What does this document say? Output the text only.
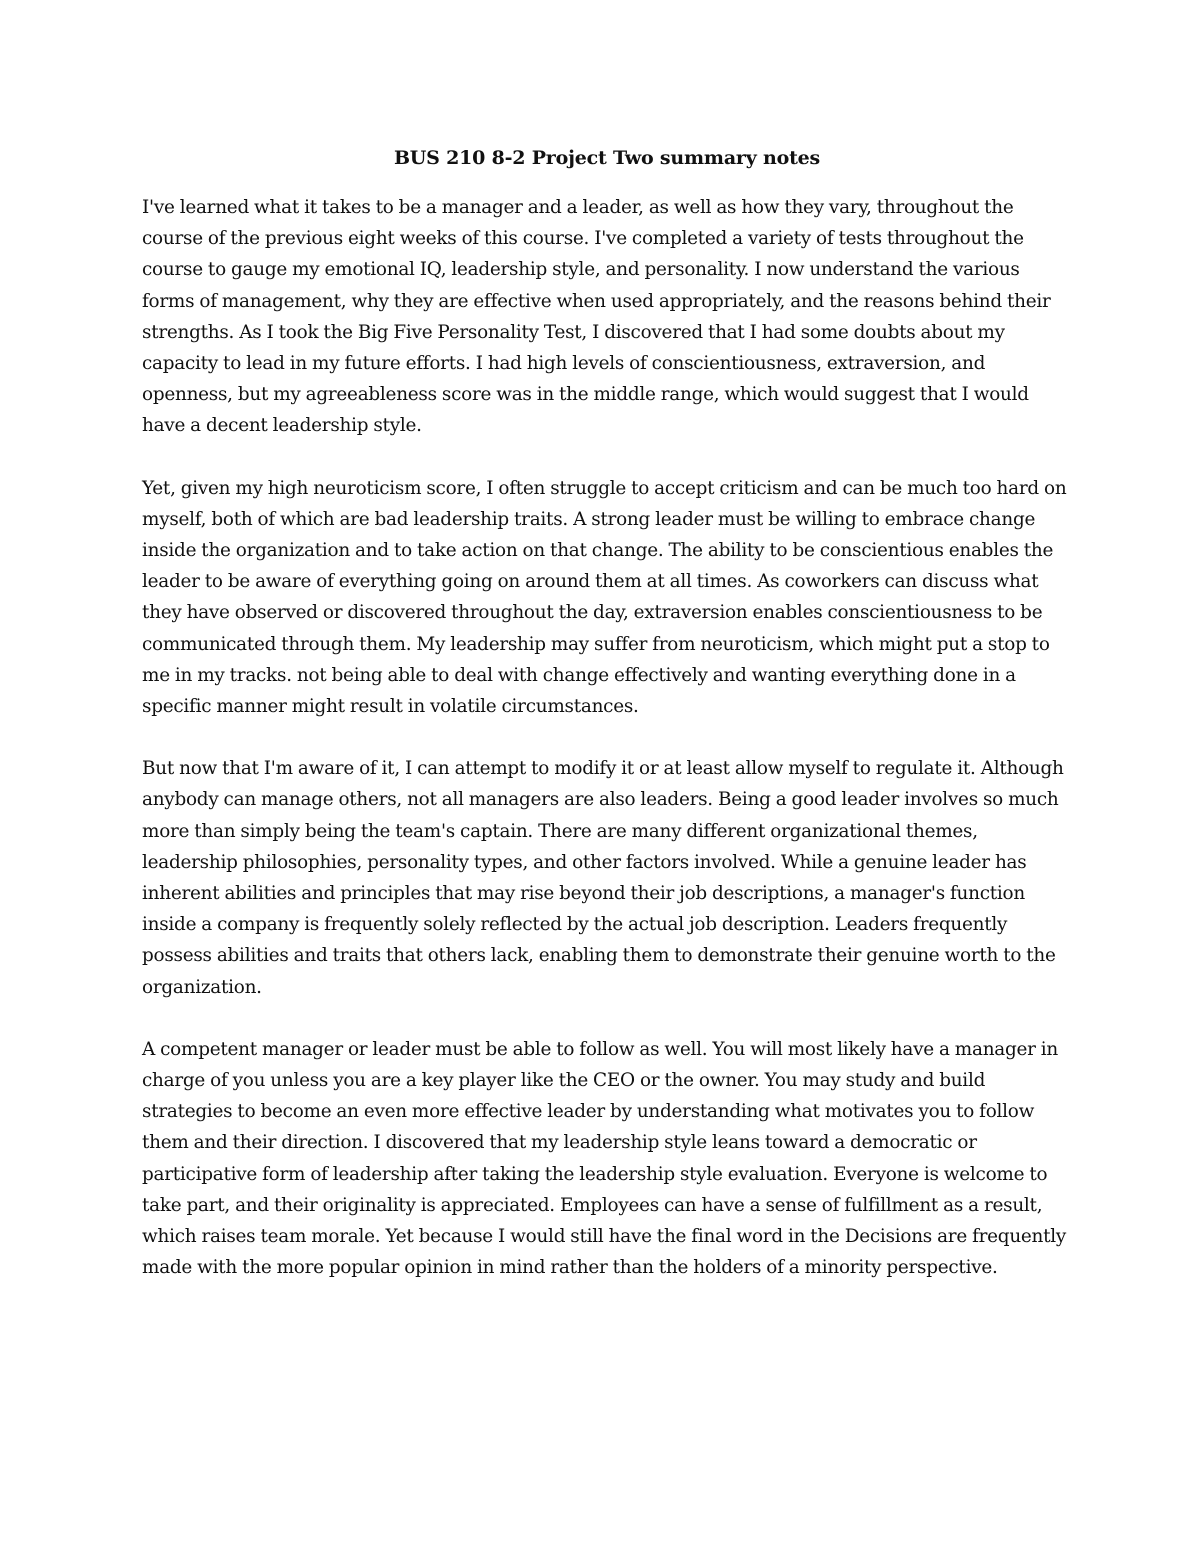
BUS 210 8-2 Project Two summary notes

I've learned what it takes to be a manager and a leader, as well as how they vary, throughout the course of the previous eight weeks of this course. I've completed a variety of tests throughout the course to gauge my emotional IQ, leadership style, and personality. I now understand the various forms of management, why they are effective when used appropriately, and the reasons behind their strengths. As I took the Big Five Personality Test, I discovered that I had some doubts about my capacity to lead in my future efforts. I had high levels of conscientiousness, extraversion, and openness, but my agreeableness score was in the middle range, which would suggest that I would have a decent leadership style.

Yet, given my high neuroticism score, I often struggle to accept criticism and can be much too hard on myself, both of which are bad leadership traits. A strong leader must be willing to embrace change inside the organization and to take action on that change. The ability to be conscientious enables the leader to be aware of everything going on around them at all times. As coworkers can discuss what they have observed or discovered throughout the day, extraversion enables conscientiousness to be communicated through them. My leadership may suffer from neuroticism, which might put a stop to me in my tracks. not being able to deal with change effectively and wanting everything done in a specific manner might result in volatile circumstances.

But now that I'm aware of it, I can attempt to modify it or at least allow myself to regulate it. Although anybody can manage others, not all managers are also leaders. Being a good leader involves so much more than simply being the team's captain. There are many different organizational themes, leadership philosophies, personality types, and other factors involved. While a genuine leader has inherent abilities and principles that may rise beyond their job descriptions, a manager's function inside a company is frequently solely reflected by the actual job description. Leaders frequently possess abilities and traits that others lack, enabling them to demonstrate their genuine worth to the organization.

A competent manager or leader must be able to follow as well. You will most likely have a manager in charge of you unless you are a key player like the CEO or the owner. You may study and build strategies to become an even more effective leader by understanding what motivates you to follow them and their direction. I discovered that my leadership style leans toward a democratic or participative form of leadership after taking the leadership style evaluation. Everyone is welcome to take part, and their originality is appreciated. Employees can have a sense of fulfillment as a result, which raises team morale. Yet because I would still have the final word in the Decisions are frequently made with the more popular opinion in mind rather than the holders of a minority perspective.
